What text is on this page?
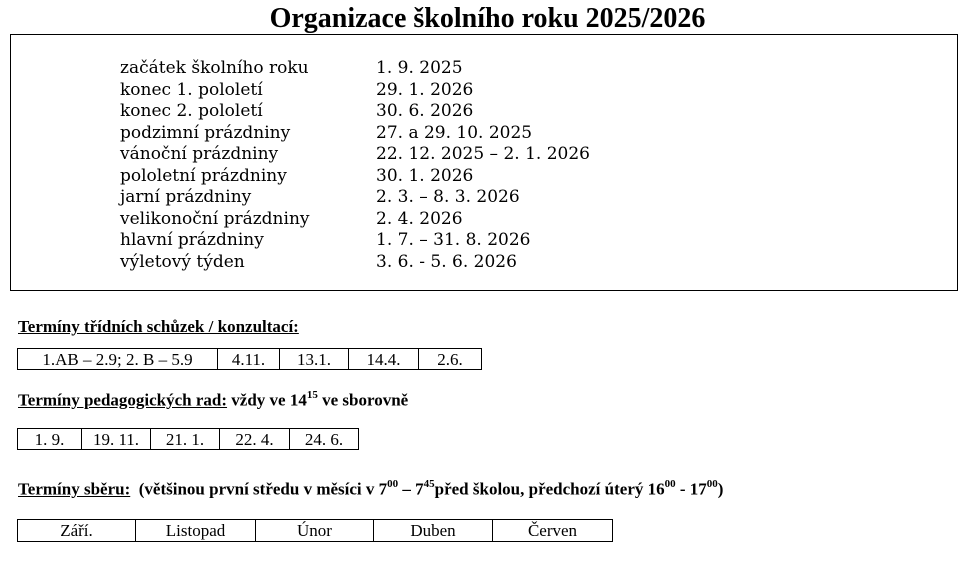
Organizace školního roku 2025/2026
začátek školního roku	1. 9. 2025
konec 1. pololetí	29. 1. 2026
konec 2. pololetí	30. 6. 2026
podzimní prázdniny	27. a 29. 10. 2025
vánoční prázdniny	22. 12. 2025 – 2. 1. 2026
pololetní prázdniny	30. 1. 2026
jarní prázdniny	2. 3. – 8. 3. 2026
velikonoční prázdniny	2. 4. 2026
hlavní prázdniny	1. 7. – 31. 8. 2026
výletový týden	3. 6. - 5. 6. 2026
Termíny třídních schůzek / konzultací:
1.AB – 2.9; 2. B – 5.9	4.11.	13.1.	14.4.	2.6.
Termíny pedagogických rad: vždy ve $14^{15}$ ve sborovně
1. 9.	19. 11.	21. 1.	22. 4.	24. 6.
Termíny sběru:  (většinou první středu v měsíci v $7^{00}$ – $7^{45}před$ školou, předchozí úterý $16^{00} - 17^{00}$)
Září.	Listopad	Únor	Duben	Červen
